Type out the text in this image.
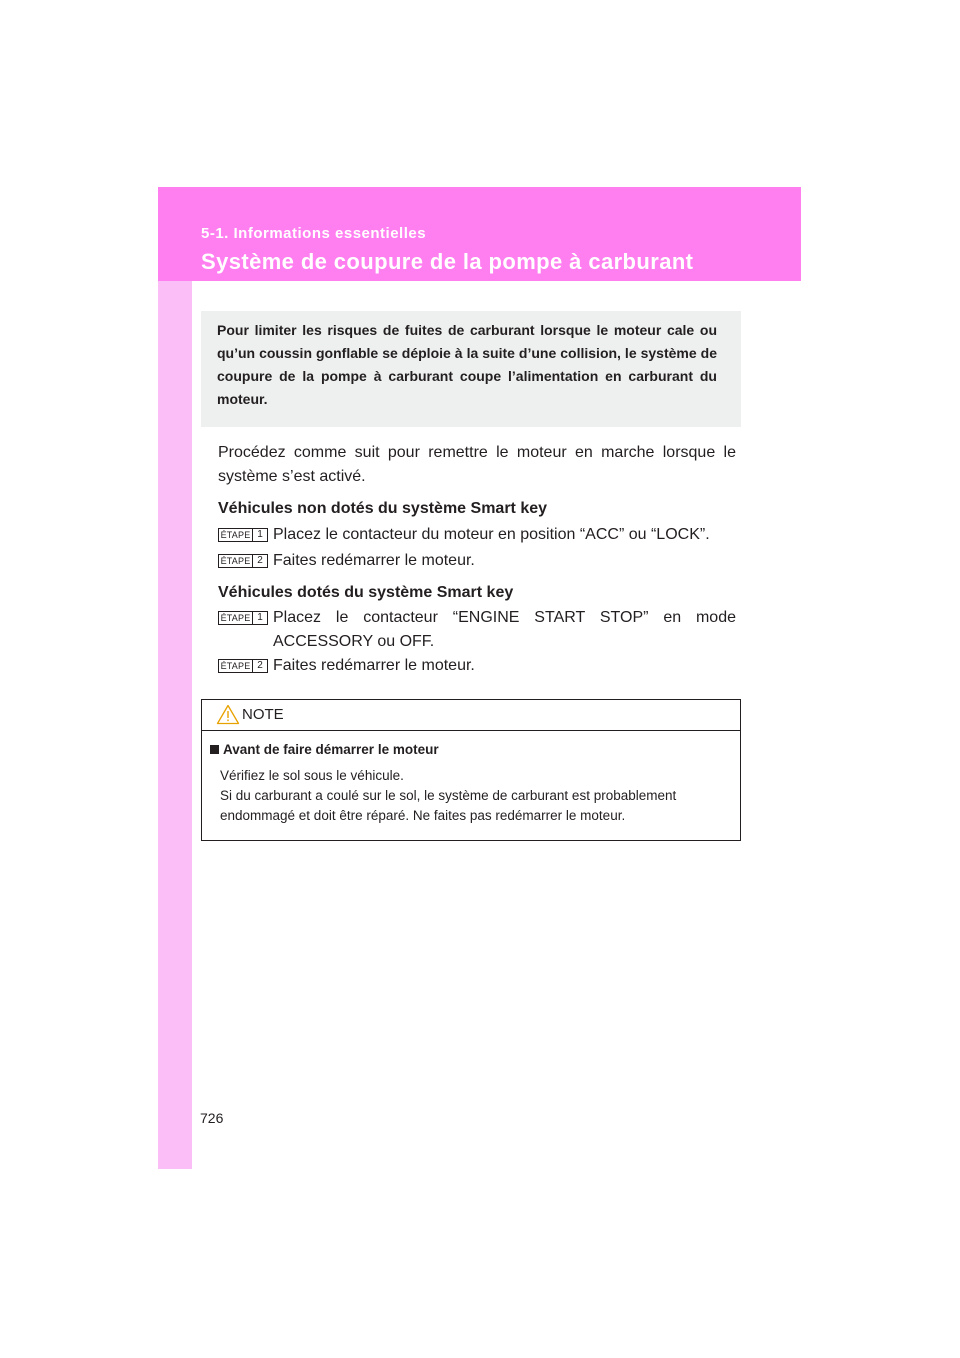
5-1. Informations essentielles
Système de coupure de la pompe à carburant
Pour limiter les risques de fuites de carburant lorsque le moteur cale ou qu’un coussin gonflable se déploie à la suite d’une collision, le système de coupure de la pompe à carburant coupe l’alimentation en carburant du moteur.
Procédez comme suit pour remettre le moteur en marche lorsque le système s’est activé.
Véhicules non dotés du système Smart key
ÉTAPE 1 Placez le contacteur du moteur en position “ACC” ou “LOCK”.
ÉTAPE 2 Faites redémarrer le moteur.
Véhicules dotés du système Smart key
ÉTAPE 1 Placez le contacteur “ENGINE START STOP” en mode ACCESSORY ou OFF.
ÉTAPE 2 Faites redémarrer le moteur.
NOTE
Avant de faire démarrer le moteur

Vérifiez le sol sous le véhicule.

Si du carburant a coulé sur le sol, le système de carburant est probablement

endommagé et doit être réparé. Ne faites pas redémarrer le moteur.

726
